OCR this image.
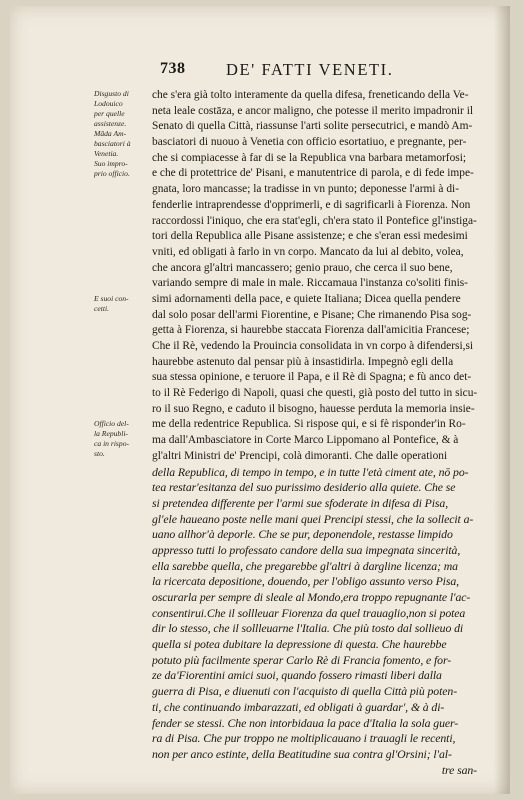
738 DE' FATTI VENETI.
Disgusto di
Lodouico
per quelle
assistenze.
Māda Am-
basciatori à
Venetia.
Suo impro-
prio officio.
E suoi con-
cetti.
Officio del-
la Republi-
ca in rispo-
sto.
che s'era già tolto interamente da quella difesa, freneticando della Ve-
neta leale costāza, e ancor maligno, che potesse il merito impadronir il
Senato di quella Città, riassunse l'arti solite persecutrici, e mandò Am-
basciatori di nuouo à Venetia con officio esortatiuo, e pregnante, per-
che si compiacesse à far di se la Republica vna barbara metamorfosi;
e che di protettrice de' Pisani, e manutentrice di parola, e di fede impe-
gnata, loro mancasse; la tradisse in vn punto; deponesse l'armi à di-
fenderlie intraprendesse d'opprimerli, e di sagrificarli à Fiorenza. Non
raccordossi l'iniquo, che era stat'egli, ch'era stato il Pontefice gl'instiga-
tori della Republica alle Pisane assistenze; e che s'eran essi medesimi
vniti, ed obligati à farlo in vn corpo. Mancato da lui al debito, volea,
che ancora gl'altri mancassero; genio prauo, che cerca il suo bene,
variando sempre di male in male. Riccamaua l'instanza co'soliti finis-
simi adornamenti della pace, e quiete Italiana; Dicea quella pendere
dal solo posar dell'armi Fiorentine, e Pisane; Che rimanendo Pisa sog-
getta à Fiorenza, si haurebbe staccata Fiorenza dall'amicitia Francese;
Che il Rè, vedendo la Prouincia consolidata in vn corpo à difendersi,si
haurebbe astenuto dal pensar più à insastidirla. Impegnò egli della
sua stessa opinione, e teruore il Papa, e il Rè di Spagna; e fù anco det-
to il Rè Federigo di Napoli, quasi che questi, già posto del tutto in sicu-
ro il suo Regno, e caduto il bisogno, hauesse perduta la memoria insie-
me della redentrice Republica. Si rispose qui, e si fè risponder'in Ro-
ma dall'Ambasciatore in Corte Marco Lippomano al Pontefice, & à
gl'altri Ministri de' Prencipi, colà dimoranti. Che dalle operationi
della Republica, di tempo in tempo, e in tutte l'età ciment ate, nō po-
tea restar'esitanza del suo purissimo desiderio alla quiete. Che se
si pretendea differente per l'armi sue sfoderate in difesa di Pisa,
gl'ele haueano poste nelle mani quei Prencipi stessi, che la sollecit a-
uano allhor'à deporle. Che se pur, deponendole, restasse limpido
appresso tutti lo professato candore della sua impegnata sincerità,
ella sarebbe quella, che pregarebbe gl'altri à dargline licenza; ma
la ricercata depositione, douendo, per l'obligo assunto verso Pisa,
oscurarla per sempre di sleale al Mondo,era troppo repugnante l'ac-
consentirui.Che il sollleuar Fiorenza da quel trauaglio,non si potea
dir lo stesso, che il sollleuarne l'Italia. Che più tosto dal sollieuo di
quella si potea dubitare la depressione di questa. Che haurebbe
potuto più facilmente sperar Carlo Rè di Francia fomento, e for-
ze da'Fiorentini amici suoi, quando fossero rimasti liberi dalla
guerra di Pisa, e diuenuti con l'acquisto di quella Città più poten-
ti, che continuando imbarazzati, ed obligati à guardar', & à di-
fender se stessi. Che non intorbidaua la pace d'Italia la sola guer-
ra di Pisa. Che pur troppo ne moltiplicauano i trauagli le recenti,
non per anco estinte, della Beatitudine sua contra gl'Orsini; l'al-
tre san-
